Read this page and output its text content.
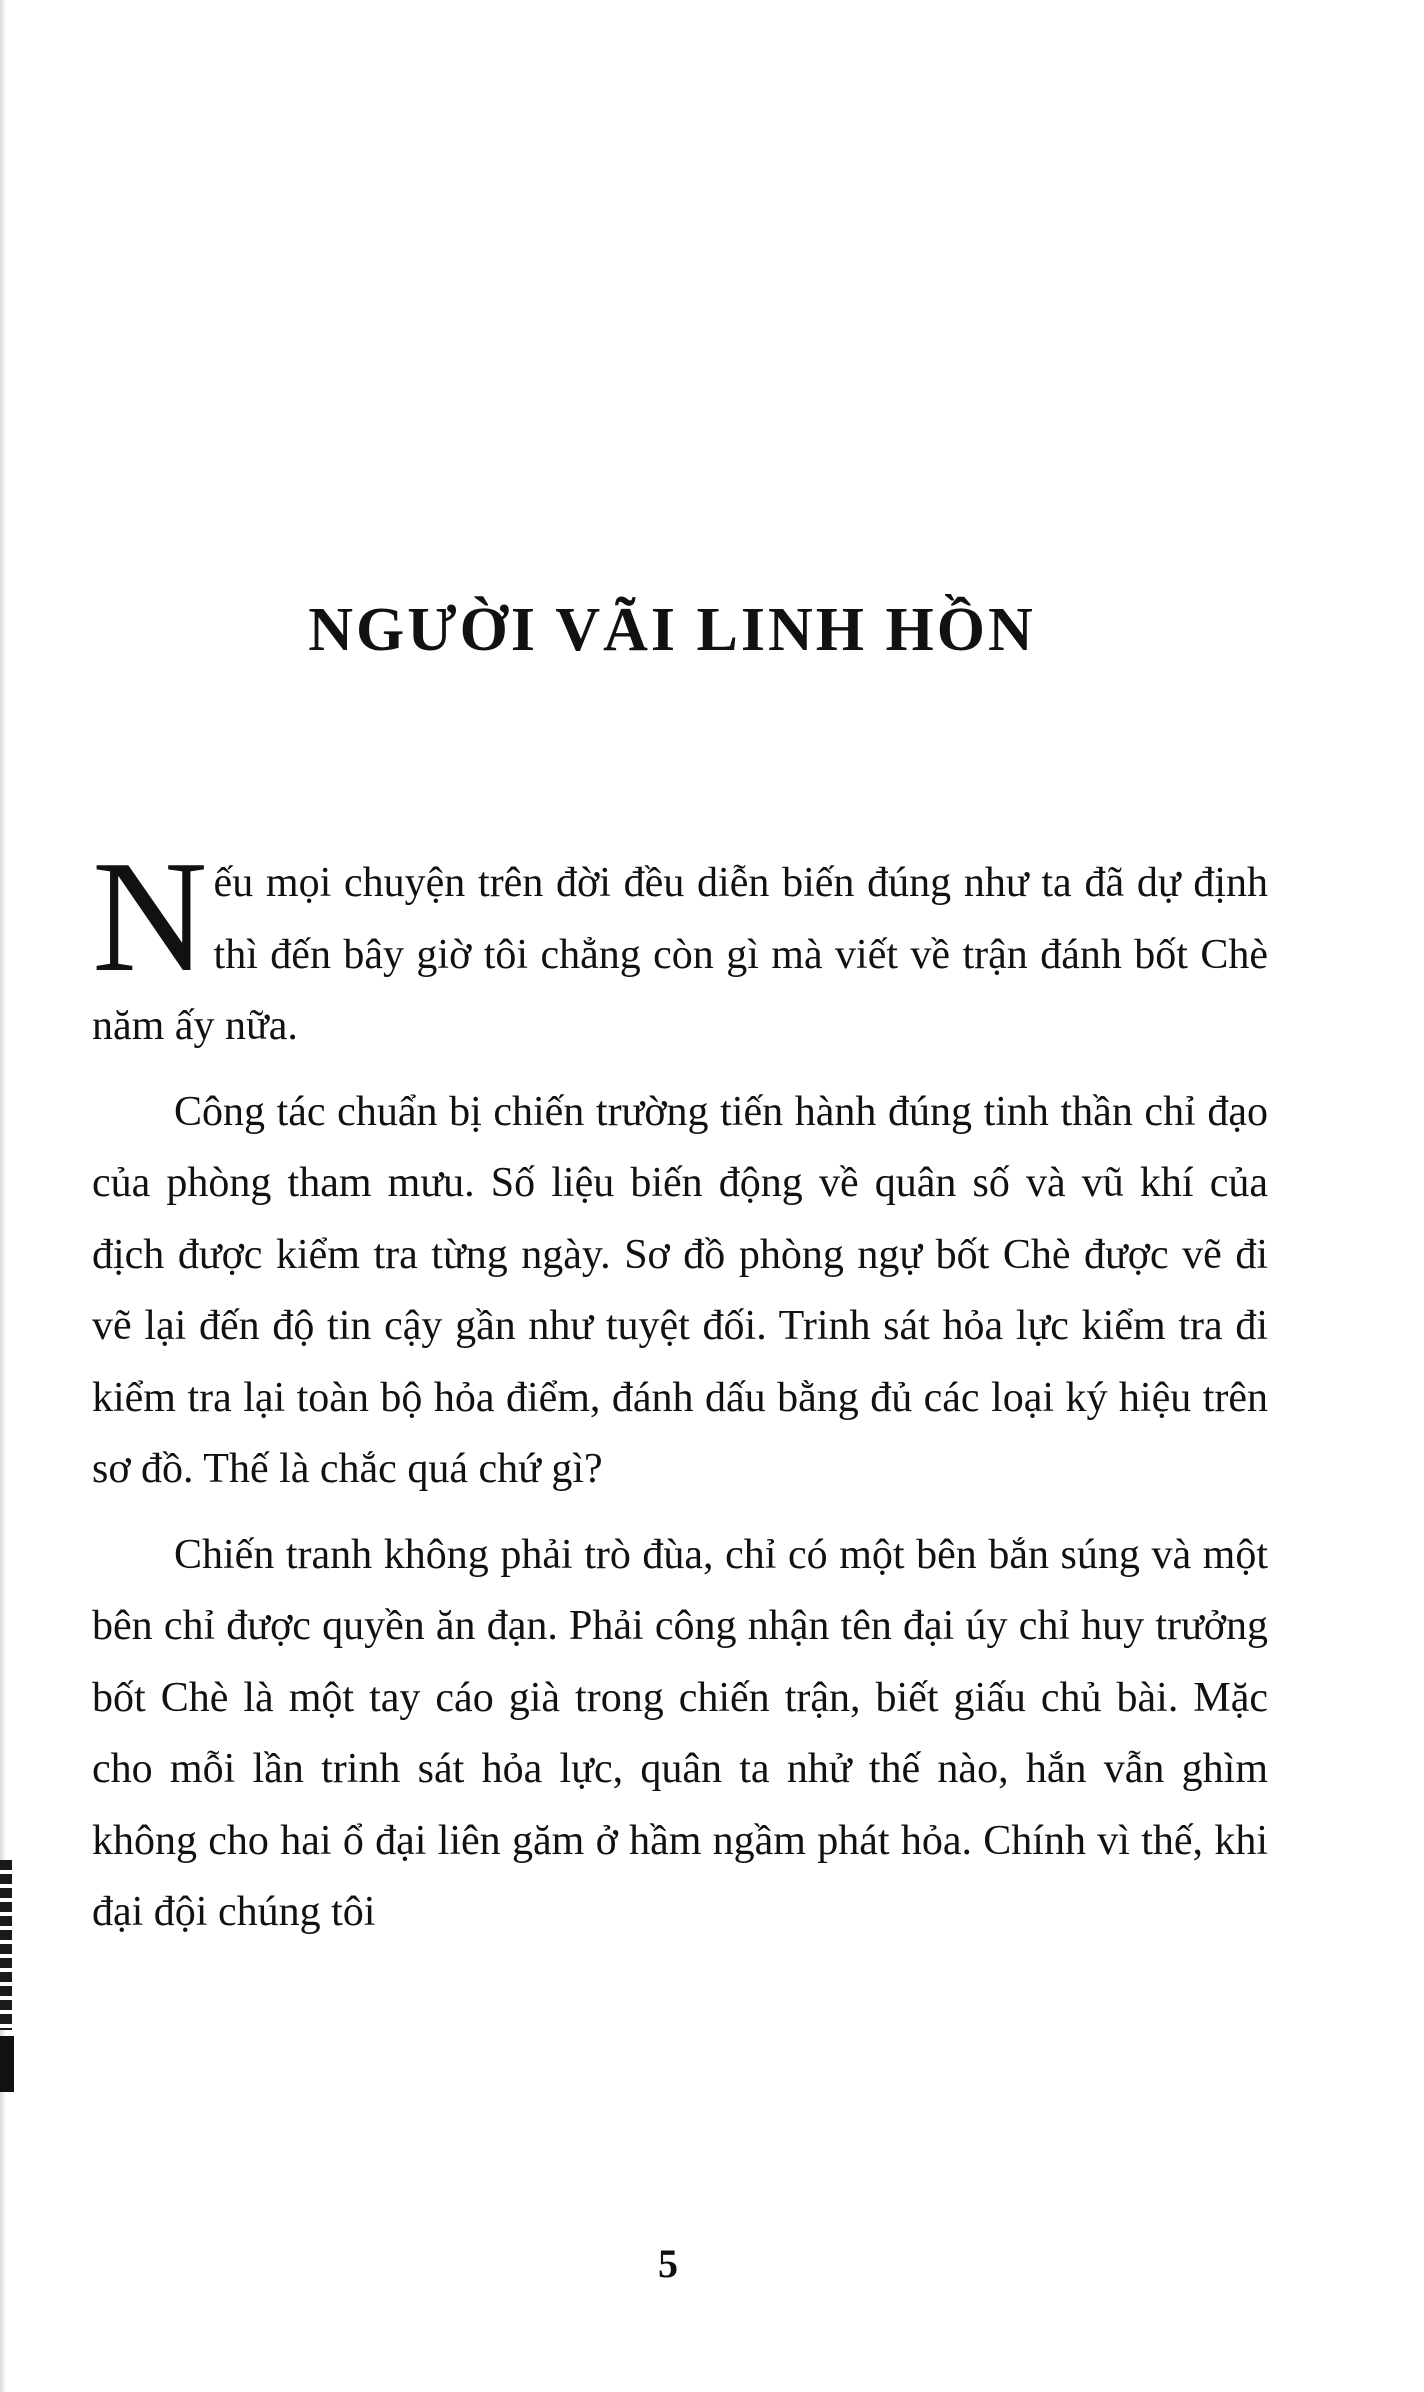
NGƯỜI VÃI LINH HỒN

Nếu mọi chuyện trên đời đều diễn biến đúng như ta đã dự định thì đến bây giờ tôi chẳng còn gì mà viết về trận đánh bốt Chè năm ấy nữa.

Công tác chuẩn bị chiến trường tiến hành đúng tinh thần chỉ đạo của phòng tham mưu. Số liệu biến động về quân số và vũ khí của địch được kiểm tra từng ngày. Sơ đồ phòng ngự bốt Chè được vẽ đi vẽ lại đến độ tin cậy gần như tuyệt đối. Trinh sát hỏa lực kiểm tra đi kiểm tra lại toàn bộ hỏa điểm, đánh dấu bằng đủ các loại ký hiệu trên sơ đồ. Thế là chắc quá chứ gì?

Chiến tranh không phải trò đùa, chỉ có một bên bắn súng và một bên chỉ được quyền ăn đạn. Phải công nhận tên đại úy chỉ huy trưởng bốt Chè là một tay cáo già trong chiến trận, biết giấu chủ bài. Mặc cho mỗi lần trinh sát hỏa lực, quân ta nhử thế nào, hắn vẫn ghìm không cho hai ổ đại liên găm ở hầm ngầm phát hỏa. Chính vì thế, khi đại đội chúng tôi

5
